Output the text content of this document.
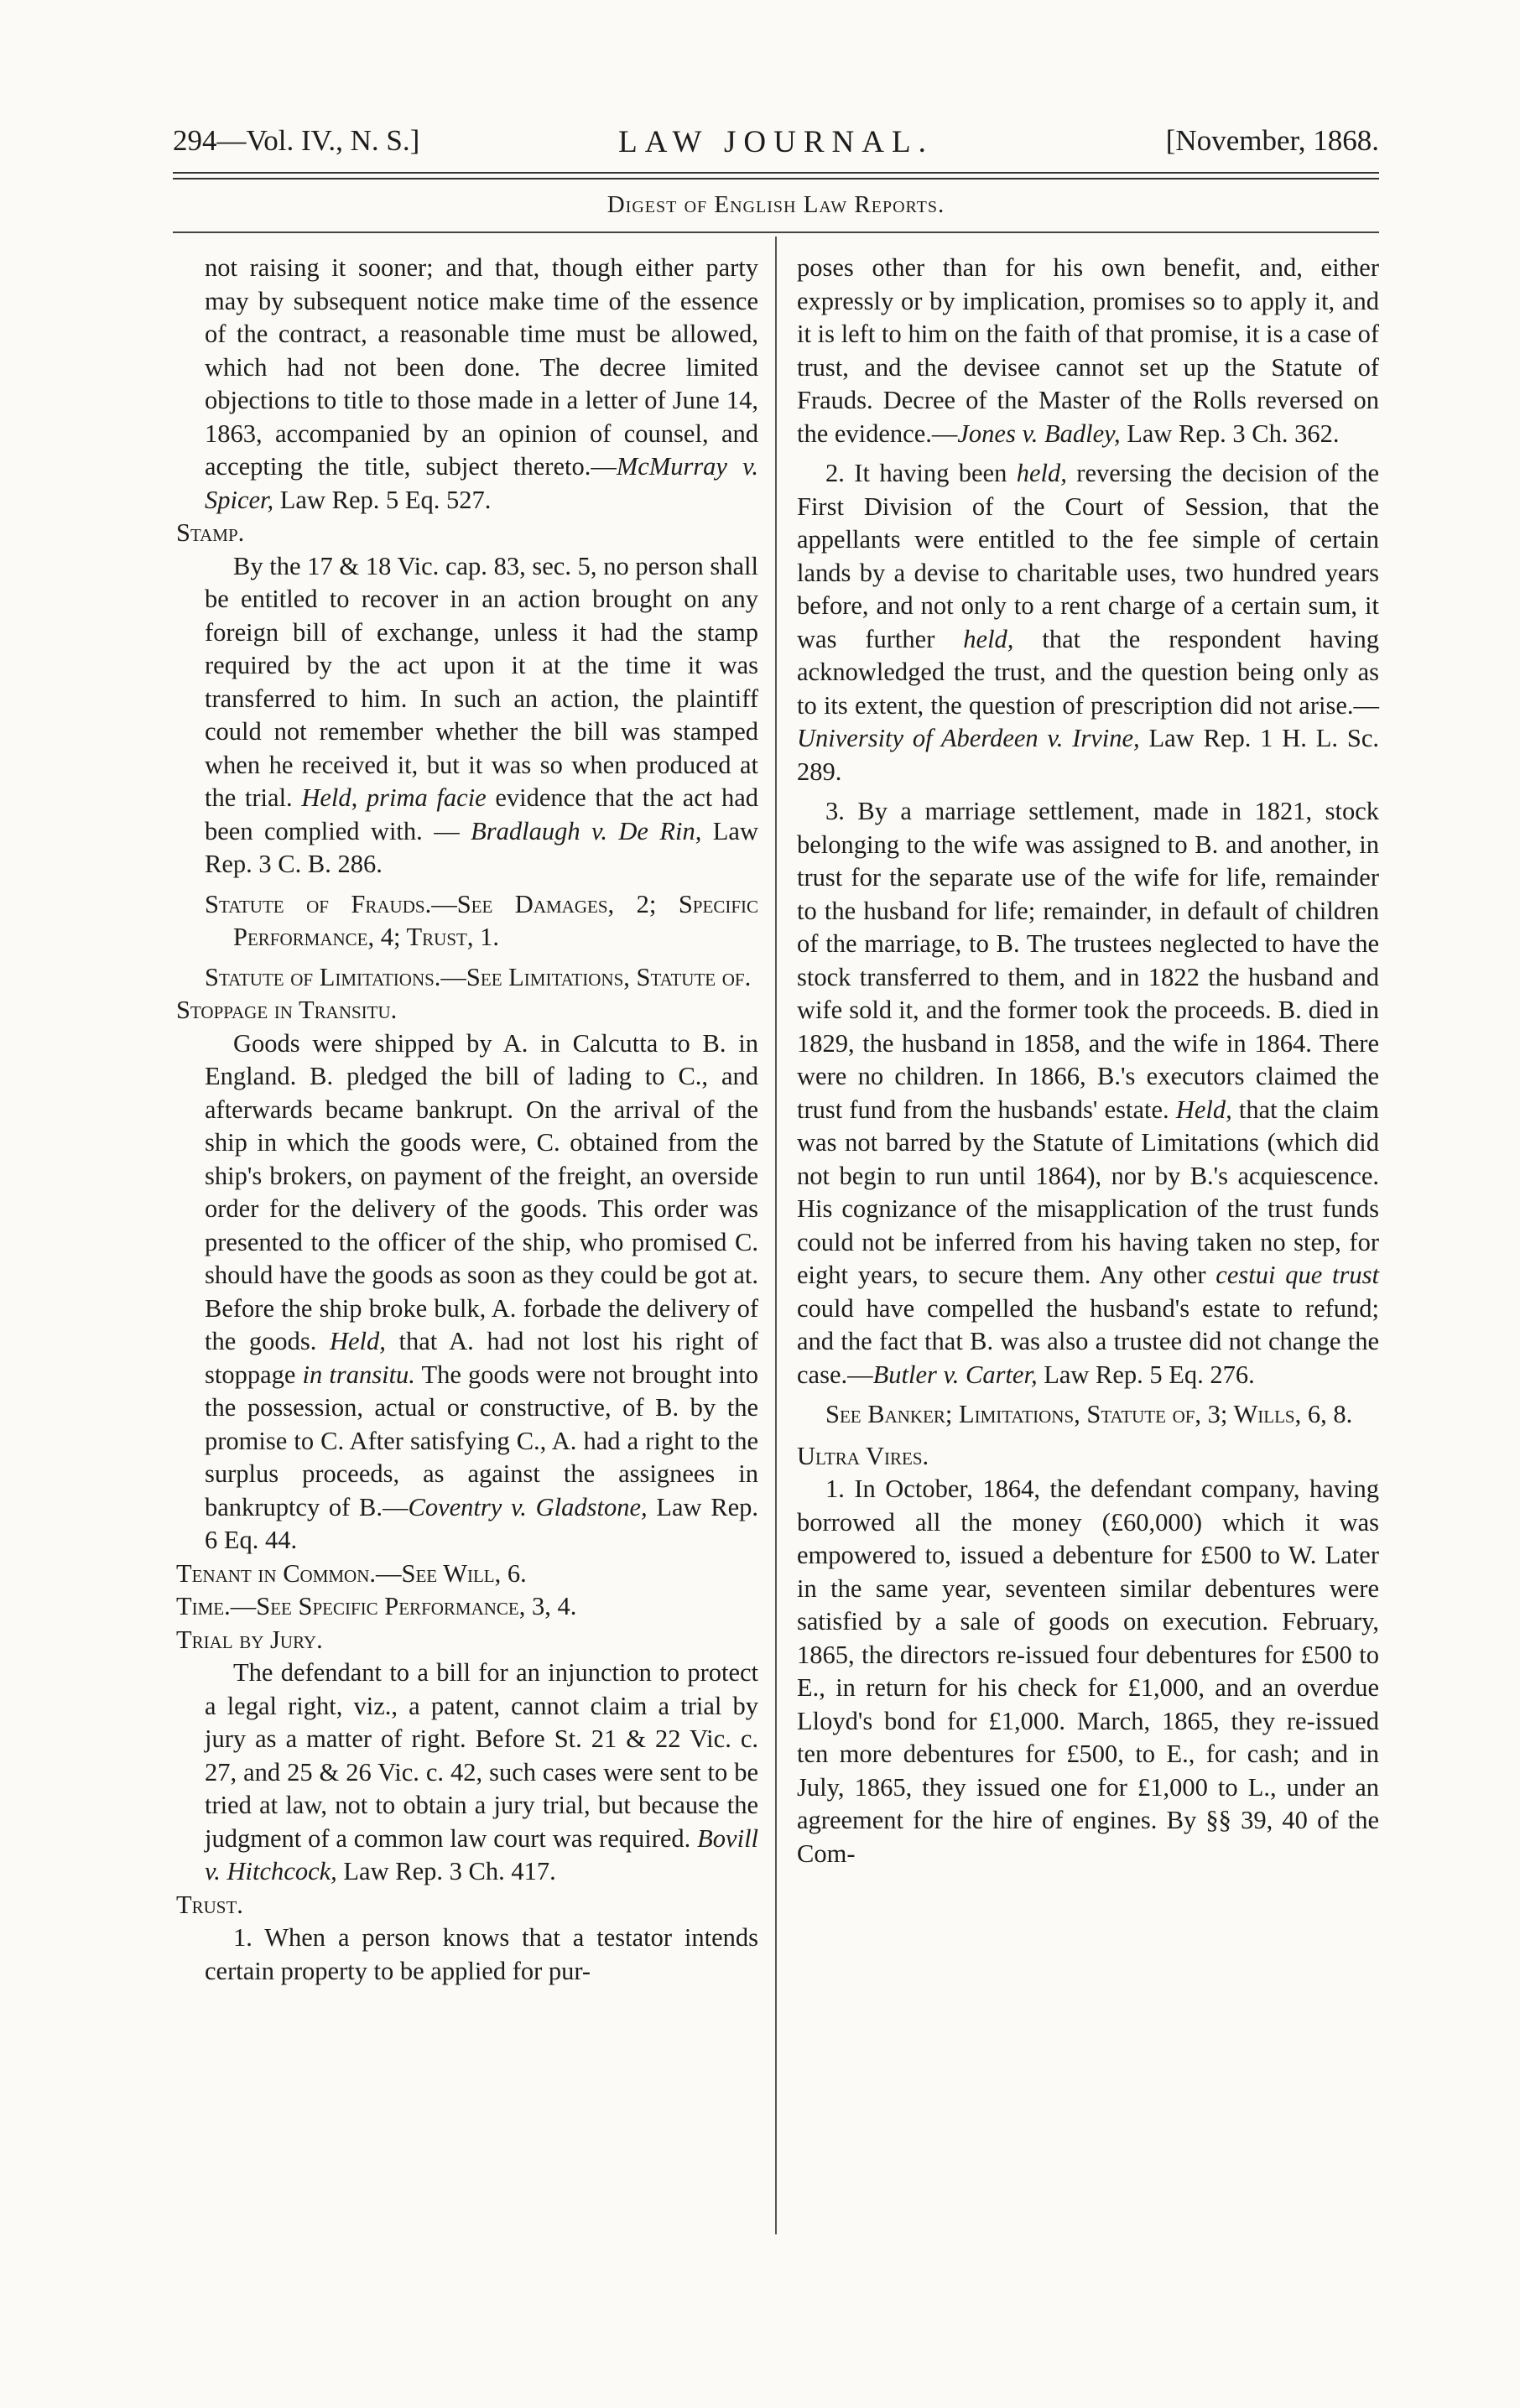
294—Vol. IV., N. S.]	LAW JOURNAL.	[November, 1868.
Digest of English Law Reports.

not raising it sooner; and that, though either party may by subsequent notice make time of the essence of the contract, a reasonable time must be allowed, which had not been done. The decree limited objections to title to those made in a letter of June 14, 1863, accompanied by an opinion of counsel, and accepting the title, subject thereto.—McMurray v. Spicer, Law Rep. 5 Eq. 527.

Stamp.

By the 17 & 18 Vic. cap. 83, sec. 5, no person shall be entitled to recover in an action brought on any foreign bill of exchange, unless it had the stamp required by the act upon it at the time it was transferred to him. In such an action, the plaintiff could not remember whether the bill was stamped when he received it, but it was so when produced at the trial. Held, prima facie evidence that the act had been complied with. — Bradlaugh v. De Rin, Law Rep. 3 C. B. 286.

Statute of Frauds.—See Damages, 2; Specific Performance, 4; Trust, 1.

Statute of Limitations.—See Limitations, Statute of.

Stoppage in Transitu.

Goods were shipped by A. in Calcutta to B. in England. B. pledged the bill of lading to C., and afterwards became bankrupt. On the arrival of the ship in which the goods were, C. obtained from the ship's brokers, on payment of the freight, an overside order for the delivery of the goods. This order was presented to the officer of the ship, who promised C. should have the goods as soon as they could be got at. Before the ship broke bulk, A. forbade the delivery of the goods. Held, that A. had not lost his right of stoppage in transitu. The goods were not brought into the possession, actual or constructive, of B. by the promise to C. After satisfying C., A. had a right to the surplus proceeds, as against the assignees in bankruptcy of B.—Coventry v. Gladstone, Law Rep. 6 Eq. 44.

Tenant in Common.—See Will, 6.

Time.—See Specific Performance, 3, 4.

Trial by Jury.

The defendant to a bill for an injunction to protect a legal right, viz., a patent, cannot claim a trial by jury as a matter of right. Before St. 21 & 22 Vic. c. 27, and 25 & 26 Vic. c. 42, such cases were sent to be tried at law, not to obtain a jury trial, but because the judgment of a common law court was required. Bovill v. Hitchcock, Law Rep. 3 Ch. 417.

Trust.

1. When a person knows that a testator intends certain property to be applied for pur-

poses other than for his own benefit, and, either expressly or by implication, promises so to apply it, and it is left to him on the faith of that promise, it is a case of trust, and the devisee cannot set up the Statute of Frauds. Decree of the Master of the Rolls reversed on the evidence.—Jones v. Badley, Law Rep. 3 Ch. 362.

2. It having been held, reversing the decision of the First Division of the Court of Session, that the appellants were entitled to the fee simple of certain lands by a devise to charitable uses, two hundred years before, and not only to a rent charge of a certain sum, it was further held, that the respondent having acknowledged the trust, and the question being only as to its extent, the question of prescription did not arise.—University of Aberdeen v. Irvine, Law Rep. 1 H. L. Sc. 289.

3. By a marriage settlement, made in 1821, stock belonging to the wife was assigned to B. and another, in trust for the separate use of the wife for life, remainder to the husband for life; remainder, in default of children of the marriage, to B. The trustees neglected to have the stock transferred to them, and in 1822 the husband and wife sold it, and the former took the proceeds. B. died in 1829, the husband in 1858, and the wife in 1864. There were no children. In 1866, B.'s executors claimed the trust fund from the husbands' estate. Held, that the claim was not barred by the Statute of Limitations (which did not begin to run until 1864), nor by B.'s acquiescence. His cognizance of the misapplication of the trust funds could not be inferred from his having taken no step, for eight years, to secure them. Any other cestui que trust could have compelled the husband's estate to refund; and the fact that B. was also a trustee did not change the case.—Butler v. Carter, Law Rep. 5 Eq. 276.

See Banker; Limitations, Statute of, 3; Wills, 6, 8.

Ultra Vires.

1. In October, 1864, the defendant company, having borrowed all the money (£60,000) which it was empowered to, issued a debenture for £500 to W. Later in the same year, seventeen similar debentures were satisfied by a sale of goods on execution. February, 1865, the directors re-issued four debentures for £500 to E., in return for his check for £1,000, and an overdue Lloyd's bond for £1,000. March, 1865, they re-issued ten more debentures for £500, to E., for cash; and in July, 1865, they issued one for £1,000 to L., under an agreement for the hire of engines. By §§ 39, 40 of the Com-
